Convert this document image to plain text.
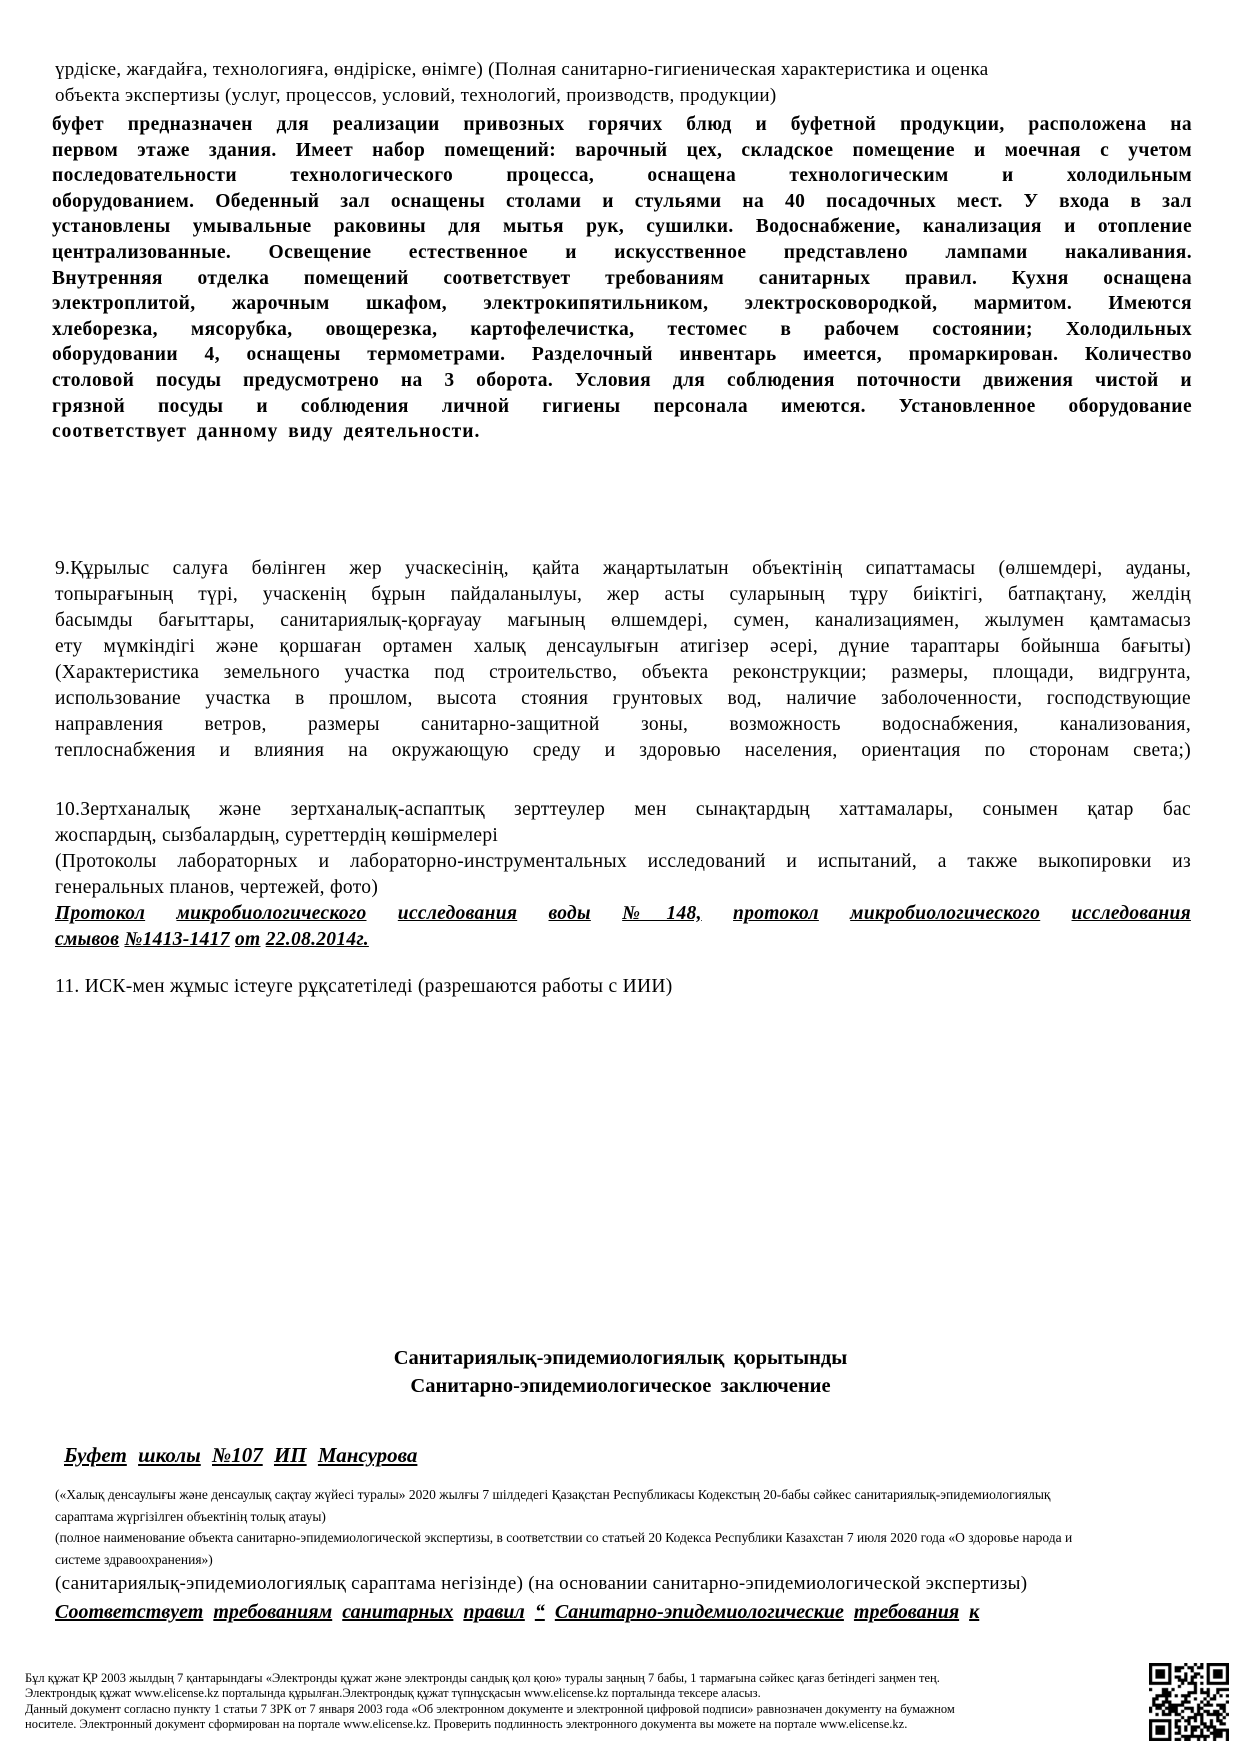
үрдіске, жағдайға, технологияға, өндіріске, өнімге) (Полная санитарно-гигиеническая характеристика и оценка
объекта экспертизы (услуг, процессов, условий, технологий, производств, продукции)
буфет предназначен для реализации привозных горячих блюд и буфетной продукции, расположена на
первом этаже здания. Имеет набор помещений: варочный цех, складское помещение и моечная с учетом
последовательности технологического процесса, оснащена технологическим и холодильным
оборудованием. Обеденный зал оснащены столами и стульями на 40 посадочных мест. У входа в зал
установлены умывальные раковины для мытья рук, сушилки. Водоснабжение, канализация и отопление
централизованные. Освещение естественное и искусственное представлено лампами накаливания.
Внутренняя отделка помещений соответствует требованиям санитарных правил. Кухня оснащена
электроплитой, жарочным шкафом, электрокипятильником, электросковородкой, мармитом. Имеются
хлеборезка, мясорубка, овощерезка, картофелечистка, тестомес в рабочем состоянии; Холодильных
оборудовании 4, оснащены термометрами. Разделочный инвентарь имеется, промаркирован. Количество
столовой посуды предусмотрено на 3 оборота. Условия для соблюдения поточности движения чистой и
грязной посуды и соблюдения личной гигиены персонала имеются. Установленное оборудование
соответствует данному виду деятельности.
9.Құрылыс салуға бөлінген жер учаскесінің, қайта жаңартылатын объектінің сипаттамасы (өлшемдері, ауданы,
топырағының түрі, учаскенің бұрын пайдаланылуы, жер асты суларының тұру биіктігі, батпақтану, желдің
басымды бағыттары, санитариялық-қорғауау мағының өлшемдері, сумен, канализациямен, жылумен қамтамасыз
ету мүмкіндігі және қоршаған ортамен халық денсаулығын атигізер әсері, дүние тараптары бойынша бағыты)
(Характеристика земельного участка под строительство, объекта реконструкции; размеры, площади, видгрунта,
использование участка в прошлом, высота стояния грунтовых вод, наличие заболоченности, господствующие
направления ветров, размеры санитарно-защитной зоны, возможность водоснабжения, канализования,
теплоснабжения и влияния на окружающую среду и здоровью населения, ориентация по сторонам света;)
10.Зертханалық және зертханалық-аспаптық зерттеулер мен сынақтардың хаттамалары, сонымен қатар бас
жоспардың, сызбалардың, суреттердің көшірмелері
(Протоколы лабораторных и лабораторно-инструментальных исследований и испытаний, а также выкопировки из
генеральных планов, чертежей, фото)
Протокол микробиологического исследования воды №148, протокол микробиологического исследования
смывов №1413-1417 от 22.08.2014г.
11. ИСК-мен жұмыс істеуге рұқсатетіледі (разрешаются работы с ИИИ)
Санитариялық-эпидемиологиялық қорытынды
Санитарно-эпидемиологическое заключение
Буфет школы №107 ИП Мансурова
(«Халық денсаулығы және денсаулық сақтау жүйесі туралы» 2020 жылғы 7 шілдедегі Қазақстан Республикасы Кодекстың 20-бабы сәйкес санитариялық-эпидемиологиялық
сараптама жүргізілген объектінің толық атауы)
(полное наименование объекта санитарно-эпидемиологической экспертизы, в соответствии со статьей 20 Кодекса Республики Казахстан 7 июля 2020 года «О здоровье народа и
системе здравоохранения»)
(санитариялық-эпидемиологиялық сараптама негізінде) (на основании санитарно-эпидемиологической экспертизы)
Соответствует требованиям санитарных правил “ Санитарно-эпидемиологические требования к
Бұл құжат ҚР 2003 жылдың 7 қантарындағы «Электронды құжат және электронды сандық қол қою» туралы заңның 7 бабы, 1 тармағына сәйкес қағаз бетіндегі заңмен тең.
Электрондық құжат www.elicense.kz порталында құрылған.Электрондық құжат түпнұсқасын www.elicense.kz порталында тексере аласыз.
Данный документ согласно пункту 1 статьи 7 ЗРК от 7 января 2003 года «Об электронном документе и электронной цифровой подписи» равнозначен документу на бумажном
носителе. Электронный документ сформирован на портале www.elicense.kz. Проверить подлинность электронного документа вы можете на портале www.elicense.kz.
